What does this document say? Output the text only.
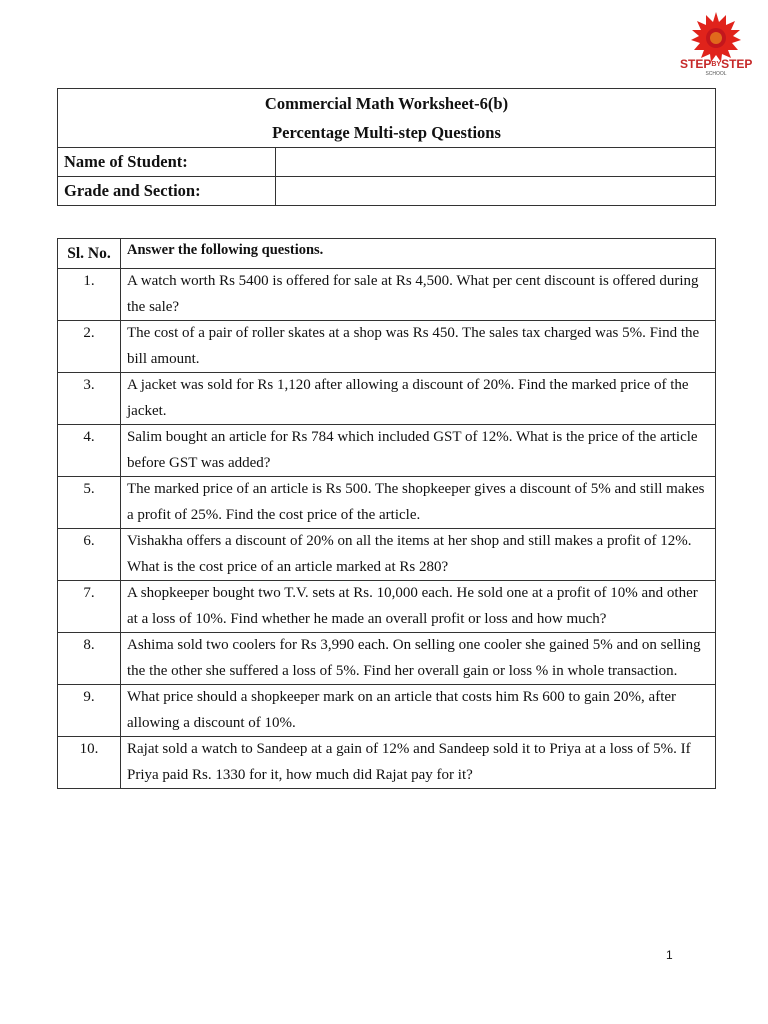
STEPBYSTEP
SCHOOL
Commercial Math Worksheet-6(b)
Percentage Multi-step Questions	

Name of Student:	
Grade and Section:	
Sl. No.	Answer the following questions.
1.	A watch worth Rs 5400 is offered for sale at Rs 4,500. What per cent discount is offered during the sale?
2.	The cost of a pair of roller skates at a shop was Rs 450. The sales tax charged was 5%. Find the bill amount.
3.	A jacket was sold for Rs 1,120 after allowing a discount of 20%. Find the marked price of the jacket.
4.	Salim bought an article for Rs 784 which included GST of 12%. What is the price of the article before GST was added?
5.	The marked price of an article is Rs 500. The shopkeeper gives a discount of 5% and still makes a profit of 25%. Find the cost price of the article.
6.	Vishakha offers a discount of 20% on all the items at her shop and still makes a profit of 12%. What is the cost price of an article marked at Rs 280?
7.	A shopkeeper bought two T.V. sets at Rs. 10,000 each. He sold one at a profit of 10% and other at a loss of 10%. Find whether he made an overall profit or loss and how much?
8.	Ashima sold two coolers for Rs 3,990 each. On selling one cooler she gained 5% and on selling the the other she suffered a loss of 5%. Find her overall gain or loss % in whole transaction.
9.	What price should a shopkeeper mark on an article that costs him Rs 600 to gain 20%, after allowing a discount of 10%.
10.	Rajat sold a watch to Sandeep at a gain of 12% and Sandeep sold it to Priya at a loss of 5%. If Priya paid Rs. 1330 for it, how much did Rajat pay for it?
1
